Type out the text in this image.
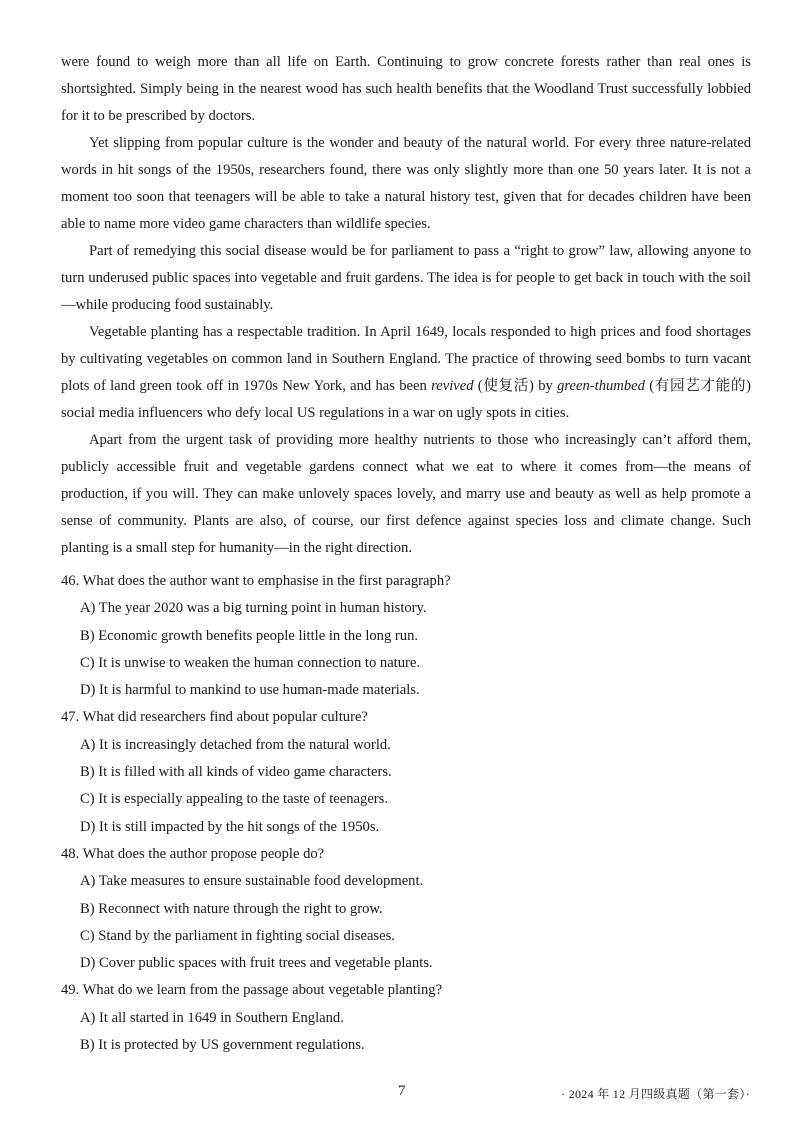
were found to weigh more than all life on Earth. Continuing to grow concrete forests rather than real ones is shortsighted. Simply being in the nearest wood has such health benefits that the Woodland Trust successfully lobbied for it to be prescribed by doctors.

Yet slipping from popular culture is the wonder and beauty of the natural world. For every three nature-related words in hit songs of the 1950s, researchers found, there was only slightly more than one 50 years later. It is not a moment too soon that teenagers will be able to take a natural history test, given that for decades children have been able to name more video game characters than wildlife species.

Part of remedying this social disease would be for parliament to pass a “right to grow” law, allowing anyone to turn underused public spaces into vegetable and fruit gardens. The idea is for people to get back in touch with the soil—while producing food sustainably.

Vegetable planting has a respectable tradition. In April 1649, locals responded to high prices and food shortages by cultivating vegetables on common land in Southern England. The practice of throwing seed bombs to turn vacant plots of land green took off in 1970s New York, and has been revived (使复活) by green-thumbed (有园艺才能的) social media influencers who defy local US regulations in a war on ugly spots in cities.

Apart from the urgent task of providing more healthy nutrients to those who increasingly can’t afford them, publicly accessible fruit and vegetable gardens connect what we eat to where it comes from—the means of production, if you will. They can make unlovely spaces lovely, and marry use and beauty as well as help promote a sense of community. Plants are also, of course, our first defence against species loss and climate change. Such planting is a small step for humanity—in the right direction.

46. What does the author want to emphasise in the first paragraph?
A) The year 2020 was a big turning point in human history.
B) Economic growth benefits people little in the long run.
C) It is unwise to weaken the human connection to nature.
D) It is harmful to mankind to use human-made materials.
47. What did researchers find about popular culture?
A) It is increasingly detached from the natural world.
B) It is filled with all kinds of video game characters.
C) It is especially appealing to the taste of teenagers.
D) It is still impacted by the hit songs of the 1950s.
48. What does the author propose people do?
A) Take measures to ensure sustainable food development.
B) Reconnect with nature through the right to grow.
C) Stand by the parliament in fighting social diseases.
D) Cover public spaces with fruit trees and vegetable plants.
49. What do we learn from the passage about vegetable planting?
A) It all started in 1649 in Southern England.
B) It is protected by US government regulations.
7	· 2024 年 12 月四级真题（第一套）·
